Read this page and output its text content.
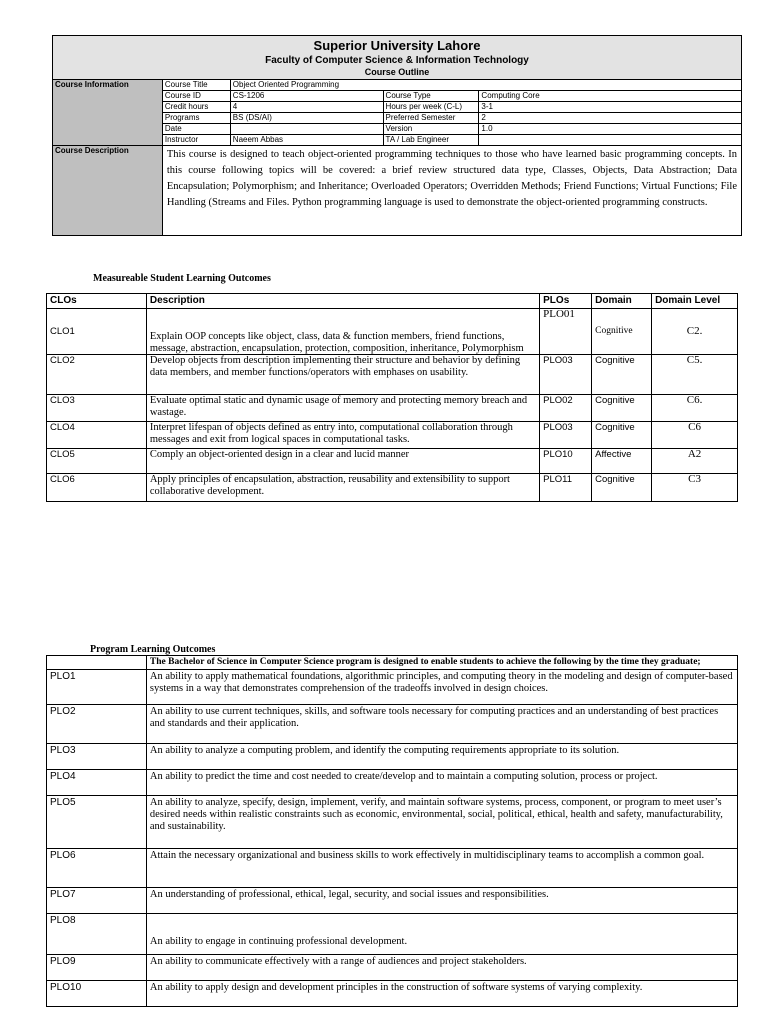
Superior University Lahore
Faculty of Computer Science & Information Technology
Course Outline
Course Information	Course Title	Object Oriented Programming		
	Course ID	CS-1206	Course Type	Computing Core
	Credit hours	4	Hours per week (C-L)	3-1
	Programs	BS (DS/AI)	Preferred Semester	2
	Date		Version	1.0
	Instructor	Naeem Abbas	TA / Lab Engineer	
Course Description	This course is designed to teach object-oriented programming techniques to those who have learned basic programming concepts. In this course following topics will be covered: a brief review structured data type, Classes, Objects, Data Abstraction; Data Encapsulation; Polymorphism; and Inheritance; Overloaded Operators; Overridden Methods; Friend Functions; Virtual Functions; File Handling (Streams and Files. Python programming language is used to demonstrate the object-oriented programming constructs.			
Measureable Student Learning Outcomes
CLOs	Description	PLOs	Domain	Domain Level
CLO1	Explain OOP concepts like object, class, data & function members, friend functions, message, abstraction, encapsulation, protection, composition, inheritance, Polymorphism	PLO01	Cognitive	C2.
CLO2	Develop objects from description implementing their structure and behavior by defining data members, and member functions/operators with emphases on usability.	PLO03	Cognitive	C5.
CLO3	Evaluate optimal static and dynamic usage of memory and protecting memory breach and wastage.	PLO02	Cognitive	C6.
CLO4	Interpret lifespan of objects defined as entry into, computational collaboration through messages and exit from logical spaces in computational tasks.	PLO03	Cognitive	C6
CLO5	Comply an object-oriented design in a clear and lucid manner	PLO10	Affective	A2
CLO6	Apply principles of encapsulation, abstraction, reusability and extensibility to support collaborative development.	PLO11	Cognitive	C3
Program Learning Outcomes
	The Bachelor of Science in Computer Science program is designed to enable students to achieve the following by the time they graduate;
PLO1	An ability to apply mathematical foundations, algorithmic principles, and computing theory in the modeling and design of computer-based systems in a way that demonstrates comprehension of the tradeoffs involved in design choices.
PLO2	An ability to use current techniques, skills, and software tools necessary for computing practices and an understanding of best practices and standards and their application.
PLO3	An ability to analyze a computing problem, and identify the computing requirements appropriate to its solution.
PLO4	An ability to predict the time and cost needed to create/develop and to maintain a computing solution, process or project.
PLO5	An ability to analyze, specify, design, implement, verify, and maintain software systems, process, component, or program to meet user’s desired needs within realistic constraints such as economic, environmental, social, political, ethical, health and safety, manufacturability, and sustainability.
PLO6	Attain the necessary organizational and business skills to work effectively in multidisciplinary teams to accomplish a common goal.
PLO7	An understanding of professional, ethical, legal, security, and social issues and responsibilities.
PLO8	An ability to engage in continuing professional development.
PLO9	An ability to communicate effectively with a range of audiences and project stakeholders.
PLO10	An ability to apply design and development principles in the construction of software systems of varying complexity.
